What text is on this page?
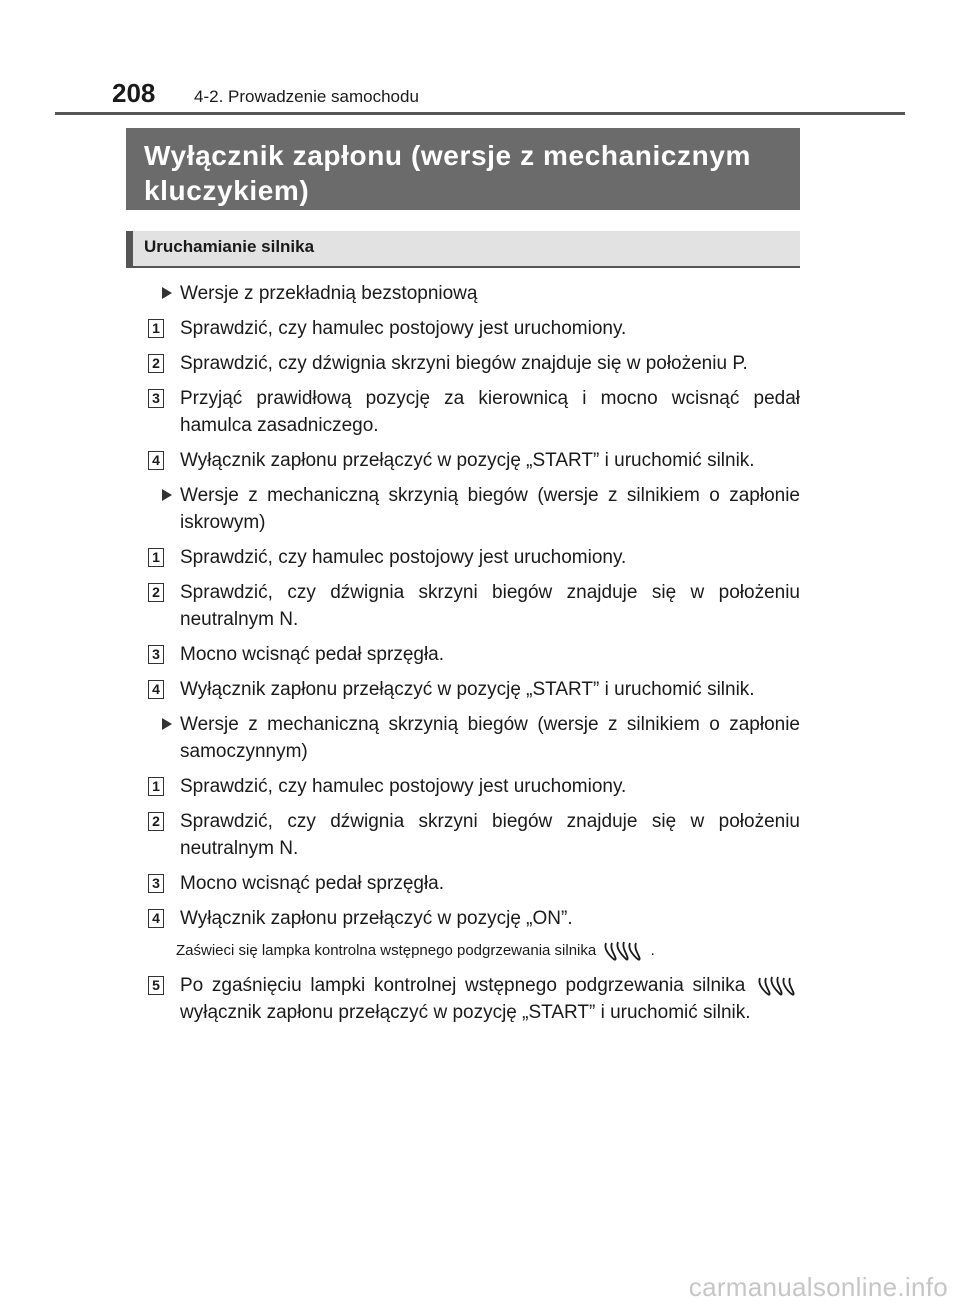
208	4-2. Prowadzenie samochodu
Wyłącznik zapłonu (wersje z mechanicznym kluczykiem)
Uruchamianie silnika
Wersje z przekładnią bezstopniową
1 Sprawdzić, czy hamulec postojowy jest uruchomiony.
2 Sprawdzić, czy dźwignia skrzyni biegów znajduje się w położeniu P.
3 Przyjąć prawidłową pozycję za kierownicą i mocno wcisnąć pedał hamulca zasadniczego.
4 Wyłącznik zapłonu przełączyć w pozycję „START” i uruchomić silnik.
Wersje z mechaniczną skrzynią biegów (wersje z silnikiem o zapłonie iskrowym)
1 Sprawdzić, czy hamulec postojowy jest uruchomiony.
2 Sprawdzić, czy dźwignia skrzyni biegów znajduje się w położeniu neutralnym N.
3 Mocno wcisnąć pedał sprzęgła.
4 Wyłącznik zapłonu przełączyć w pozycję „START” i uruchomić silnik.
Wersje z mechaniczną skrzynią biegów (wersje z silnikiem o zapłonie samoczynnym)
1 Sprawdzić, czy hamulec postojowy jest uruchomiony.
2 Sprawdzić, czy dźwignia skrzyni biegów znajduje się w położeniu neutralnym N.
3 Mocno wcisnąć pedał sprzęgła.
4 Wyłącznik zapłonu przełączyć w pozycję „ON”.
Zaświeci się lampka kontrolna wstępnego podgrzewania silnika	.
5 Po zgaśnięciu lampki kontrolnej wstępnego podgrzewania silnika  wyłącznik zapłonu przełączyć w pozycję „START” i uruchomić silnik.
carmanualsonline.info
